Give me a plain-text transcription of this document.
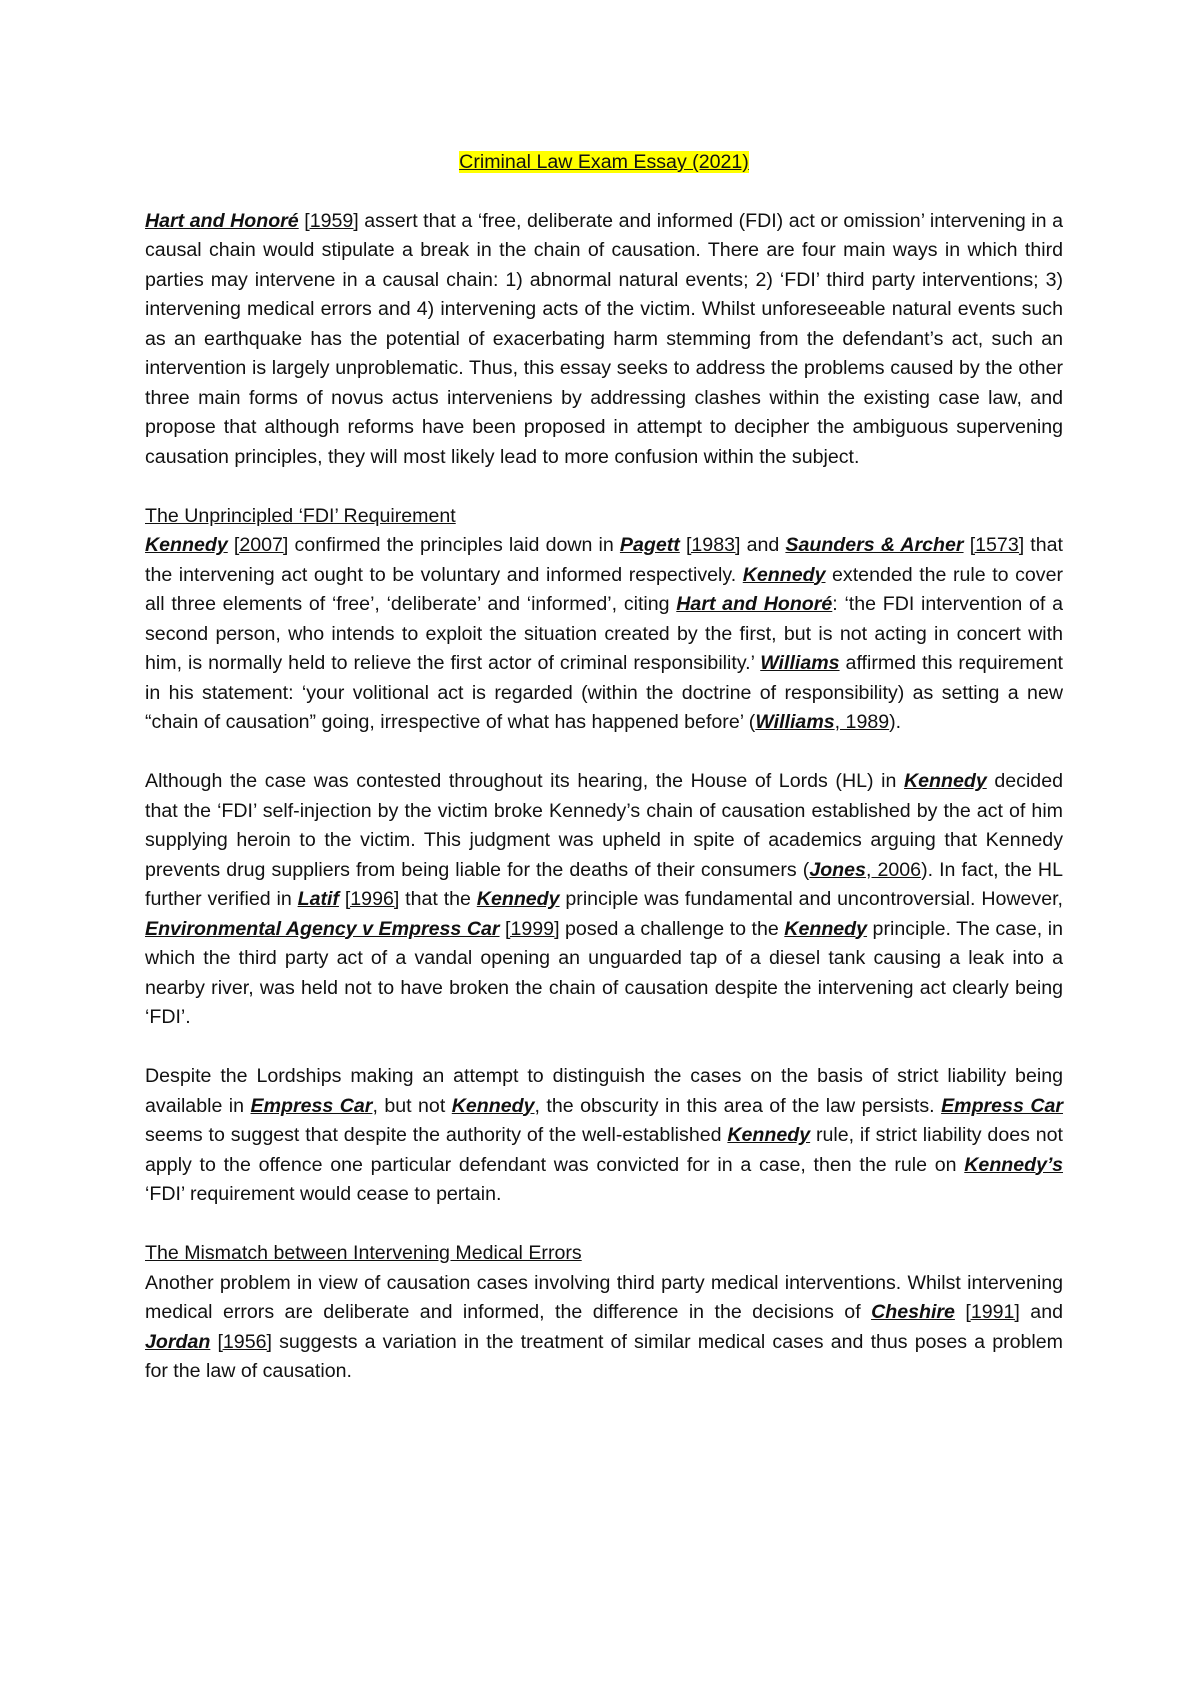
Criminal Law Exam Essay (2021)

Hart and Honoré [1959] assert that a ‘free, deliberate and informed (FDI) act or omission’ intervening in a causal chain would stipulate a break in the chain of causation. There are four main ways in which third parties may intervene in a causal chain: 1) abnormal natural events; 2) ‘FDI’ third party interventions; 3) intervening medical errors and 4) intervening acts of the victim. Whilst unforeseeable natural events such as an earthquake has the potential of exacerbating harm stemming from the defendant’s act, such an intervention is largely unproblematic. Thus, this essay seeks to address the problems caused by the other three main forms of novus actus interveniens by addressing clashes within the existing case law, and propose that although reforms have been proposed in attempt to decipher the ambiguous supervening causation principles, they will most likely lead to more confusion within the subject.

The Unprincipled ‘FDI’ Requirement

Kennedy [2007] confirmed the principles laid down in Pagett [1983] and Saunders & Archer [1573] that the intervening act ought to be voluntary and informed respectively. Kennedy extended the rule to cover all three elements of ‘free’, ‘deliberate’ and ‘informed’, citing Hart and Honoré: ‘the FDI intervention of a second person, who intends to exploit the situation created by the first, but is not acting in concert with him, is normally held to relieve the first actor of criminal responsibility.’ Williams affirmed this requirement in his statement: ‘your volitional act is regarded (within the doctrine of responsibility) as setting a new “chain of causation” going, irrespective of what has happened before’ (Williams, 1989).

Although the case was contested throughout its hearing, the House of Lords (HL) in Kennedy decided that the ‘FDI’ self-injection by the victim broke Kennedy’s chain of causation established by the act of him supplying heroin to the victim. This judgment was upheld in spite of academics arguing that Kennedy prevents drug suppliers from being liable for the deaths of their consumers (Jones, 2006). In fact, the HL further verified in Latif [1996] that the Kennedy principle was fundamental and uncontroversial. However, Environmental Agency v Empress Car [1999] posed a challenge to the Kennedy principle. The case, in which the third party act of a vandal opening an unguarded tap of a diesel tank causing a leak into a nearby river, was held not to have broken the chain of causation despite the intervening act clearly being ‘FDI’.

Despite the Lordships making an attempt to distinguish the cases on the basis of strict liability being available in Empress Car, but not Kennedy, the obscurity in this area of the law persists. Empress Car seems to suggest that despite the authority of the well-established Kennedy rule, if strict liability does not apply to the offence one particular defendant was convicted for in a case, then the rule on Kennedy’s ‘FDI’ requirement would cease to pertain.

The Mismatch between Intervening Medical Errors

Another problem in view of causation cases involving third party medical interventions. Whilst intervening medical errors are deliberate and informed, the difference in the decisions of Cheshire [1991] and Jordan [1956] suggests a variation in the treatment of similar medical cases and thus poses a problem for the law of causation.
